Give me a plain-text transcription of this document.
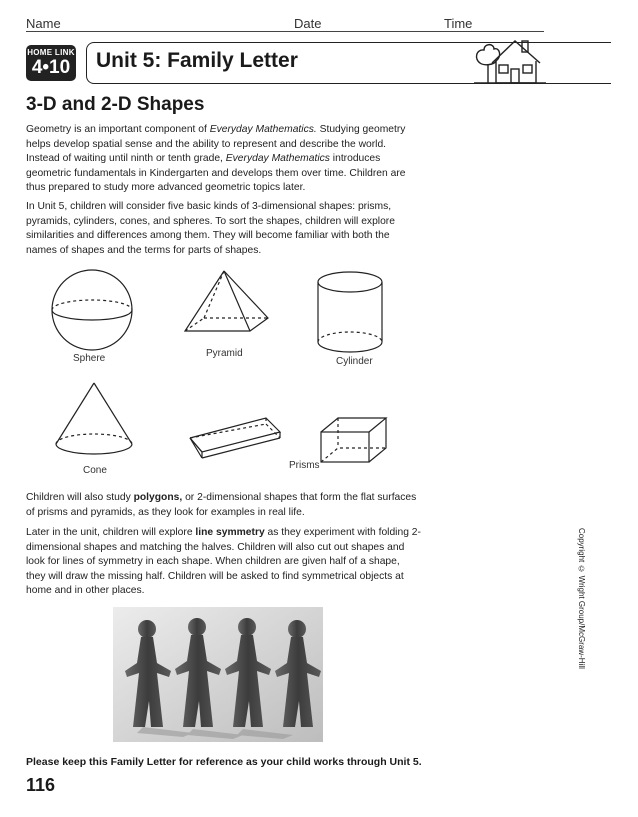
Name	Date	Time
HOME LINK
4•10 Unit 5: Family Letter
3-D and 2-D Shapes

Geometry is an important component of Everyday Mathematics. Studying geometry helps develop spatial sense and the ability to represent and describe the world. Instead of waiting until ninth or tenth grade, Everyday Mathematics introduces geometric fundamentals in Kindergarten and develops them over time. Children are thus prepared to study more advanced geometric topics later.

In Unit 5, children will consider five basic kinds of 3-dimensional shapes: prisms, pyramids, cylinders, cones, and spheres. To sort the shapes, children will explore similarities and differences among them. They will become familiar with both the names of shapes and the terms for parts of shapes.

Sphere	Pyramid
Cylinder
Cone	Prisms

Children will also study polygons, or 2-dimensional shapes that form the flat surfaces of prisms and pyramids, as they look for examples in real life.

Later in the unit, children will explore line symmetry as they experiment with folding 2-dimensional shapes and matching the halves. Children will also cut out shapes and look for lines of symmetry in each shape. When children are given half of a shape, they will draw the missing half. Children will be asked to find symmetrical objects at home and in other places.	Copyright © Wright Group/McGraw-Hill
Please keep this Family Letter for reference as your child works through Unit 5.
116
